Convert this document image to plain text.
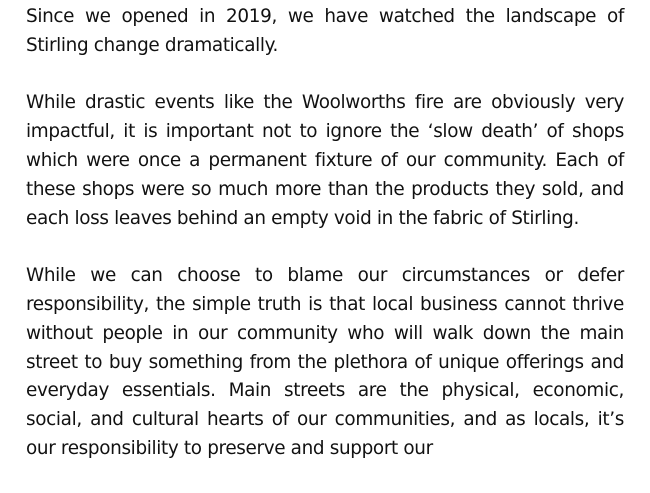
Since we opened in 2019, we have watched the landscape of Stirling change dramatically.

While drastic events like the Woolworths fire are obviously very impactful, it is important not to ignore the ‘slow death’ of shops which were once a permanent fixture of our community. Each of these shops were so much more than the products they sold, and each loss leaves behind an empty void in the fabric of Stirling.

While we can choose to blame our circumstances or defer responsibility, the simple truth is that local business cannot thrive without people in our community who will walk down the main street to buy something from the plethora of unique offerings and everyday essentials. Main streets are the physical, economic, social, and cultural hearts of our communities, and as locals, it’s our responsibility to preserve and support our
